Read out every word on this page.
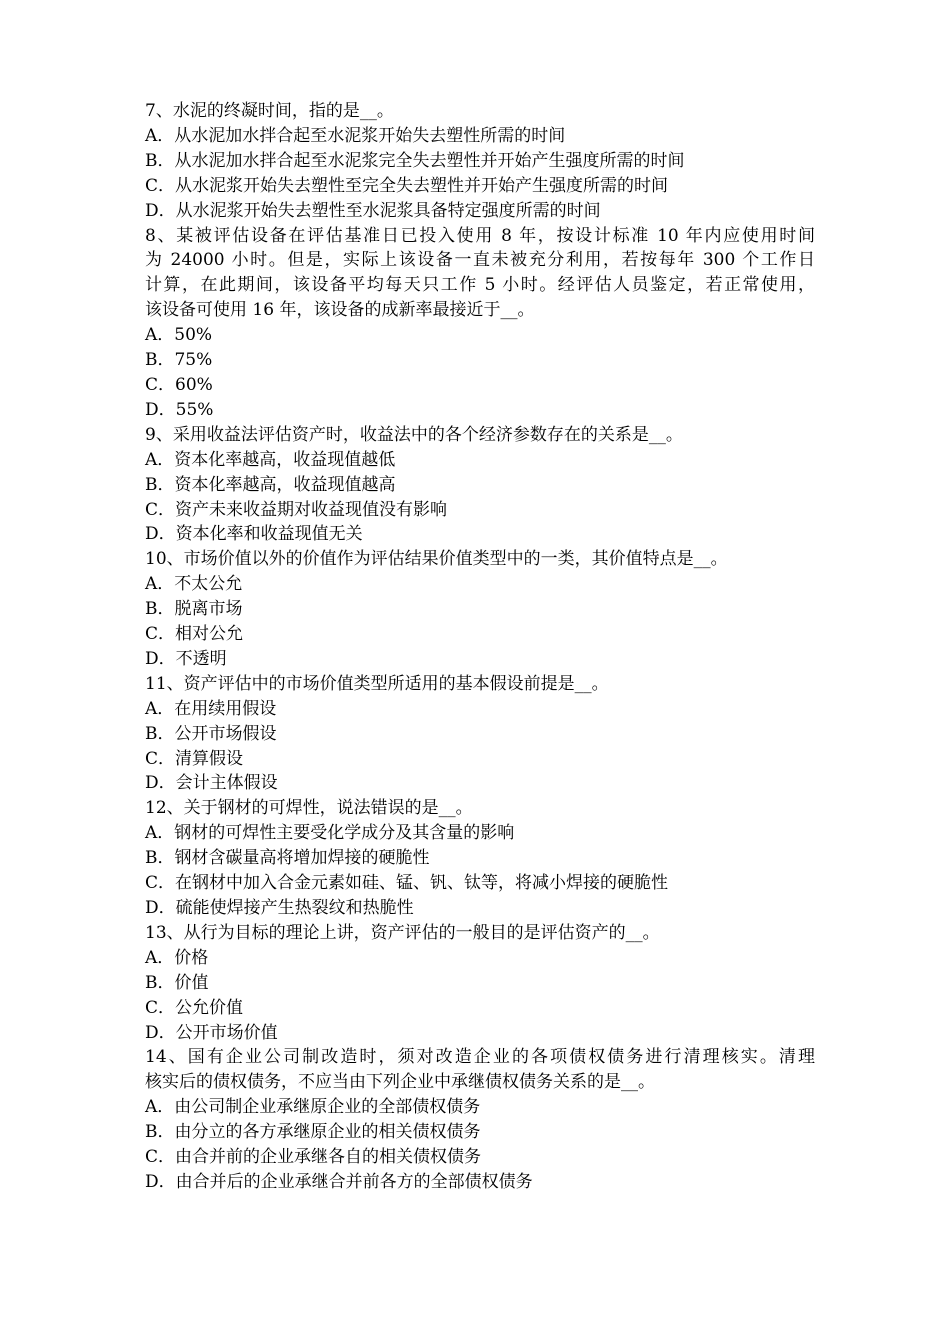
7、水泥的终凝时间，指的是__。
A．从水泥加水拌合起至水泥浆开始失去塑性所需的时间
B．从水泥加水拌合起至水泥浆完全失去塑性并开始产生强度所需的时间
C．从水泥浆开始失去塑性至完全失去塑性并开始产生强度所需的时间
D．从水泥浆开始失去塑性至水泥浆具备特定强度所需的时间
8、某被评估设备在评估基准日已投入使用 8 年，按设计标准 10 年内应使用时间
为 24000 小时。但是，实际上该设备一直未被充分利用，若按每年 300 个工作日
计算，在此期间，该设备平均每天只工作 5 小时。经评估人员鉴定，若正常使用，
该设备可使用 16 年，该设备的成新率最接近于__。
A．50%
B．75%
C．60%
D．55%
9、采用收益法评估资产时，收益法中的各个经济参数存在的关系是__。
A．资本化率越高，收益现值越低
B．资本化率越高，收益现值越高
C．资产未来收益期对收益现值没有影响
D．资本化率和收益现值无关
10、市场价值以外的价值作为评估结果价值类型中的一类，其价值特点是__。
A．不太公允
B．脱离市场
C．相对公允
D．不透明
11、资产评估中的市场价值类型所适用的基本假设前提是__。
A．在用续用假设
B．公开市场假设
C．清算假设
D．会计主体假设
12、关于钢材的可焊性，说法错误的是__。
A．钢材的可焊性主要受化学成分及其含量的影响
B．钢材含碳量高将增加焊接的硬脆性
C．在钢材中加入合金元素如硅、锰、钒、钛等，将减小焊接的硬脆性
D．硫能使焊接产生热裂纹和热脆性
13、从行为目标的理论上讲，资产评估的一般目的是评估资产的__。
A．价格
B．价值
C．公允价值
D．公开市场价值
14、国有企业公司制改造时，须对改造企业的各项债权债务进行清理核实。清理
核实后的债权债务，不应当由下列企业中承继债权债务关系的是__。
A．由公司制企业承继原企业的全部债权债务
B．由分立的各方承继原企业的相关债权债务
C．由合并前的企业承继各自的相关债权债务
D．由合并后的企业承继合并前各方的全部债权债务
